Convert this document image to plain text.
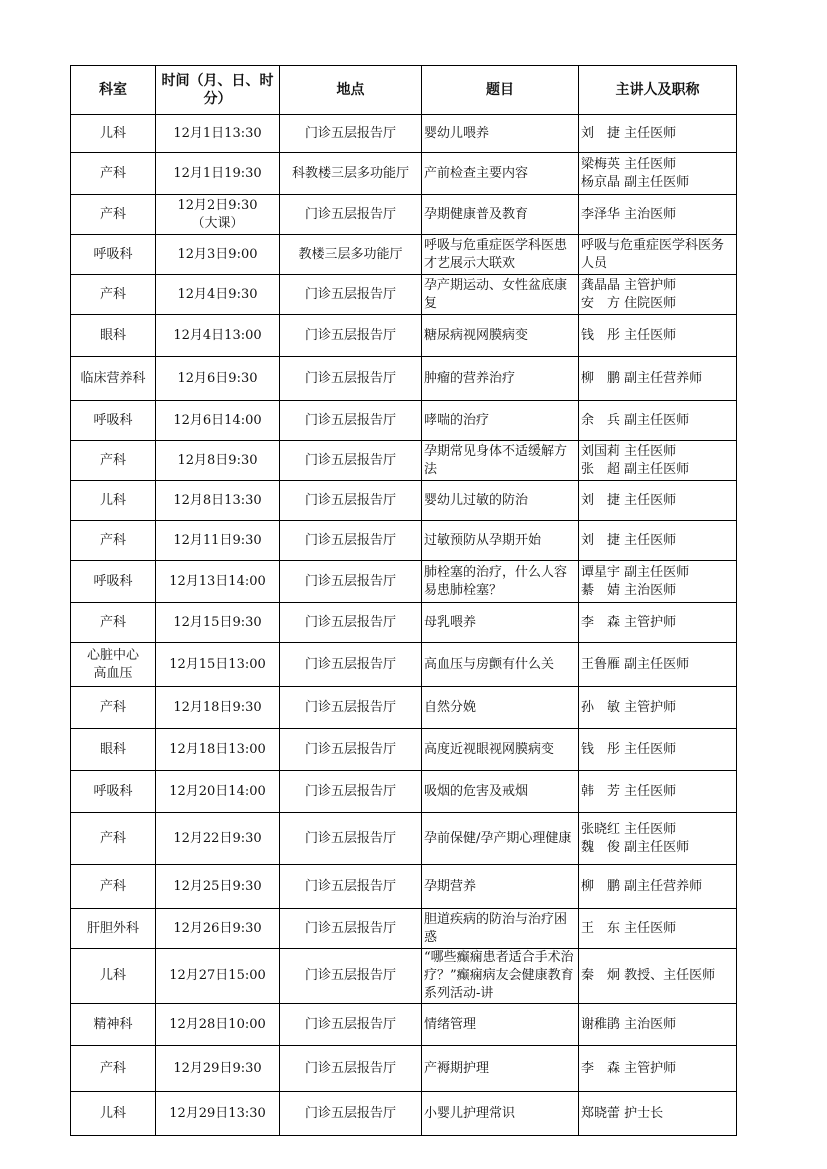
科室	时间（月、日、时分）	地点	题目	主讲人及职称
儿科	12月1日13:30	门诊五层报告厅	婴幼儿喂养	刘　捷 主任医师
产科	12月1日19:30	科教楼三层多功能厅	产前检查主要内容	梁梅英 主任医师
杨京晶 副主任医师
产科	12月2日9:30
（大课）	门诊五层报告厅	孕期健康普及教育	李泽华 主治医师
呼吸科	12月3日9:00	教楼三层多功能厅	呼吸与危重症医学科医患才艺展示大联欢	呼吸与危重症医学科医务人员
产科	12月4日9:30	门诊五层报告厅	孕产期运动、女性盆底康复	龚晶晶 主管护师
安　方 住院医师
眼科	12月4日13:00	门诊五层报告厅	糖尿病视网膜病变	钱　彤 主任医师
临床营养科	12月6日9:30	门诊五层报告厅	肿瘤的营养治疗	柳　鹏 副主任营养师
呼吸科	12月6日14:00	门诊五层报告厅	哮喘的治疗	余　兵 副主任医师
产科	12月8日9:30	门诊五层报告厅	孕期常见身体不适缓解方法	刘国莉 主任医师
张　超 副主任医师
儿科	12月8日13:30	门诊五层报告厅	婴幼儿过敏的防治	刘　捷 主任医师
产科	12月11日9:30	门诊五层报告厅	过敏预防从孕期开始	刘　捷 主任医师
呼吸科	12月13日14:00	门诊五层报告厅	肺栓塞的治疗，什么人容易患肺栓塞？	谭星宇 副主任医师
綦　婧 主治医师
产科	12月15日9:30	门诊五层报告厅	母乳喂养	李　森 主管护师
心脏中心
高血压	12月15日13:00	门诊五层报告厅	高血压与房颤有什么关	王鲁雁 副主任医师
产科	12月18日9:30	门诊五层报告厅	自然分娩	孙　敏 主管护师
眼科	12月18日13:00	门诊五层报告厅	高度近视眼视网膜病变	钱　彤 主任医师
呼吸科	12月20日14:00	门诊五层报告厅	吸烟的危害及戒烟	韩　芳 主任医师
产科	12月22日9:30	门诊五层报告厅	孕前保健/孕产期心理健康	张晓红 主任医师
魏　俊 副主任医师
产科	12月25日9:30	门诊五层报告厅	孕期营养	柳　鹏 副主任营养师
肝胆外科	12月26日9:30	门诊五层报告厅	胆道疾病的防治与治疗困惑	王　东 主任医师
儿科	12月27日15:00	门诊五层报告厅	“哪些癫痫患者适合手术治疗？”癫痫病友会健康教育系列活动-讲	秦　炯 教授、主任医师
精神科	12月28日10:00	门诊五层报告厅	情绪管理	谢稚鹃 主治医师
产科	12月29日9:30	门诊五层报告厅	产褥期护理	李　森 主管护师
儿科	12月29日13:30	门诊五层报告厅	小婴儿护理常识	郑晓蕾 护士长
